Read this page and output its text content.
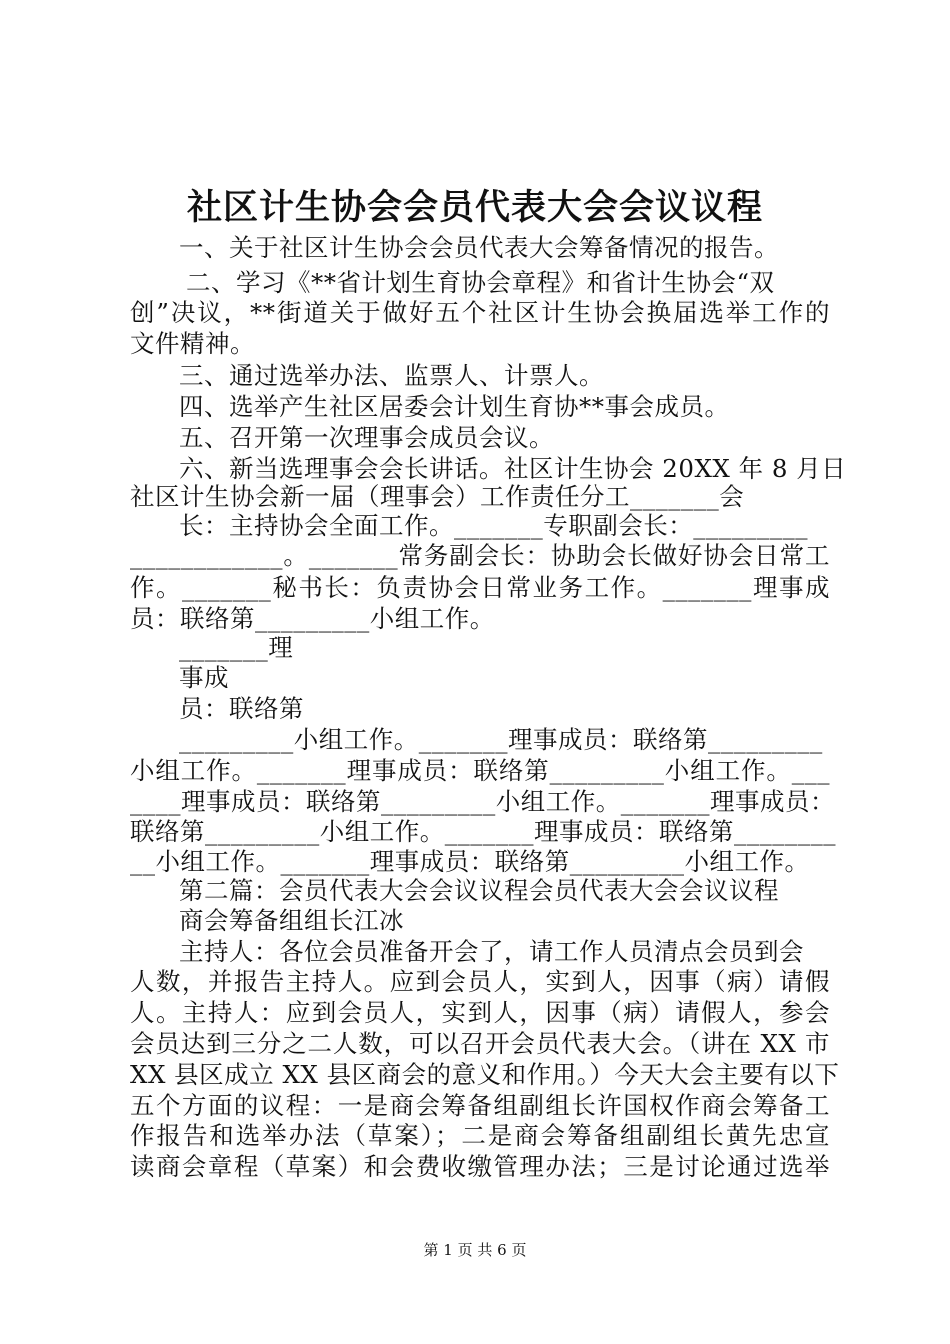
社区计生协会会员代表大会会议议程
一、关于社区计生协会会员代表大会筹备情况的报告。
二、学习《**省计划生育协会章程》和省计生协会“双
创”决议，**街道关于做好五个社区计生协会换届选举工作的
文件精神。
三、通过选举办法、监票人、计票人。
四、选举产生社区居委会计划生育协**事会成员。
五、召开第一次理事会成员会议。
六、新当选理事会会长讲话。社区计生协会 20XX 年 8 月日
社区计生协会新一届（理事会）工作责任分工_______会
长：主持协会全面工作。_______专职副会长：_________
____________。_______常务副会长：协助会长做好协会日常工
作。_______秘书长：负责协会日常业务工作。_______理事成
员：联络第_________小组工作。
_______理
事成
员：联络第
_________小组工作。_______理事成员：联络第_________
小组工作。_______理事成员：联络第_________小组工作。___
____理事成员：联络第_________小组工作。_______理事成员：
联络第_________小组工作。_______理事成员：联络第________
__小组工作。_______理事成员：联络第_________小组工作。
第二篇：会员代表大会会议议程会员代表大会会议议程
商会筹备组组长江冰
主持人：各位会员准备开会了，请工作人员清点会员到会
人数，并报告主持人。应到会员人，实到人，因事（病）请假
人。主持人：应到会员人，实到人，因事（病）请假人，参会
会员达到三分之二人数，可以召开会员代表大会。（讲在 XX 市
XX 县区成立 XX 县区商会的意义和作用。）今天大会主要有以下
五个方面的议程：一是商会筹备组副组长许国权作商会筹备工
作报告和选举办法（草案）；二是商会筹备组副组长黄先忠宣
读商会章程（草案）和会费收缴管理办法；三是讨论通过选举
第 1 页 共 6 页
